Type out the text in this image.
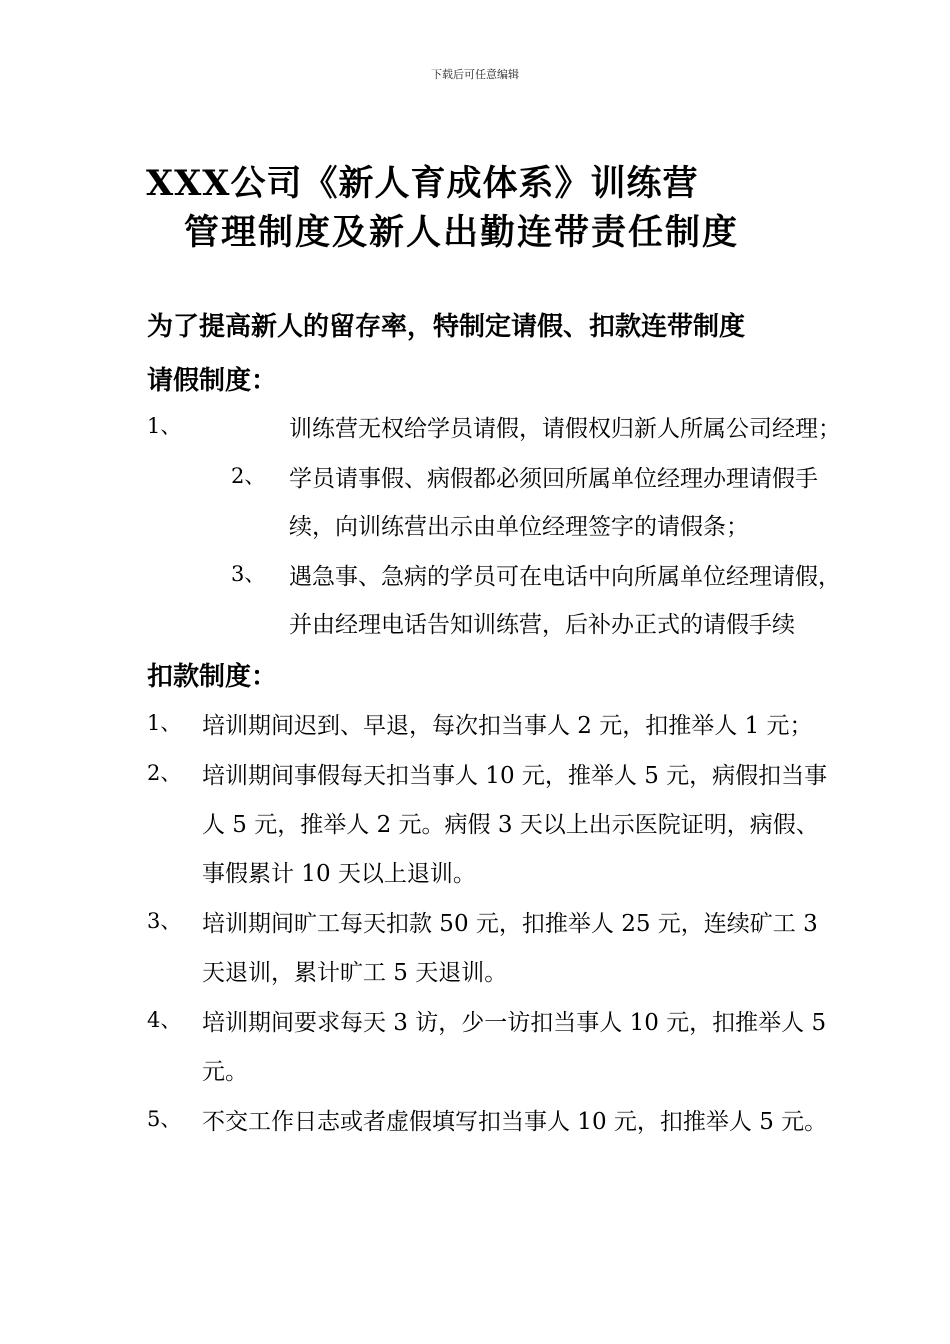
下载后可任意编辑
XXX公司《新人育成体系》训练营
管理制度及新人出勤连带责任制度
为了提高新人的留存率，特制定请假、扣款连带制度
请假制度：
1、	训练营无权给学员请假，请假权归新人所属公司经理；
2、 学员请事假、病假都必须回所属单位经理办理请假手
续，向训练营出示由单位经理签字的请假条；
3、 遇急事、急病的学员可在电话中向所属单位经理请假，
并由经理电话告知训练营，后补办正式的请假手续
扣款制度：
1、 培训期间迟到、早退，每次扣当事人 2 元，扣推举人 1 元；
2、 培训期间事假每天扣当事人 10 元，推举人 5 元，病假扣当事
人 5 元，推举人 2 元。病假 3 天以上出示医院证明，病假、
事假累计 10 天以上退训。
3、 培训期间旷工每天扣款 50 元，扣推举人 25 元，连续矿工 3
天退训，累计旷工 5 天退训。
4、 培训期间要求每天 3 访，少一访扣当事人 10 元，扣推举人 5
元。
5、 不交工作日志或者虚假填写扣当事人 10 元，扣推举人 5 元。
